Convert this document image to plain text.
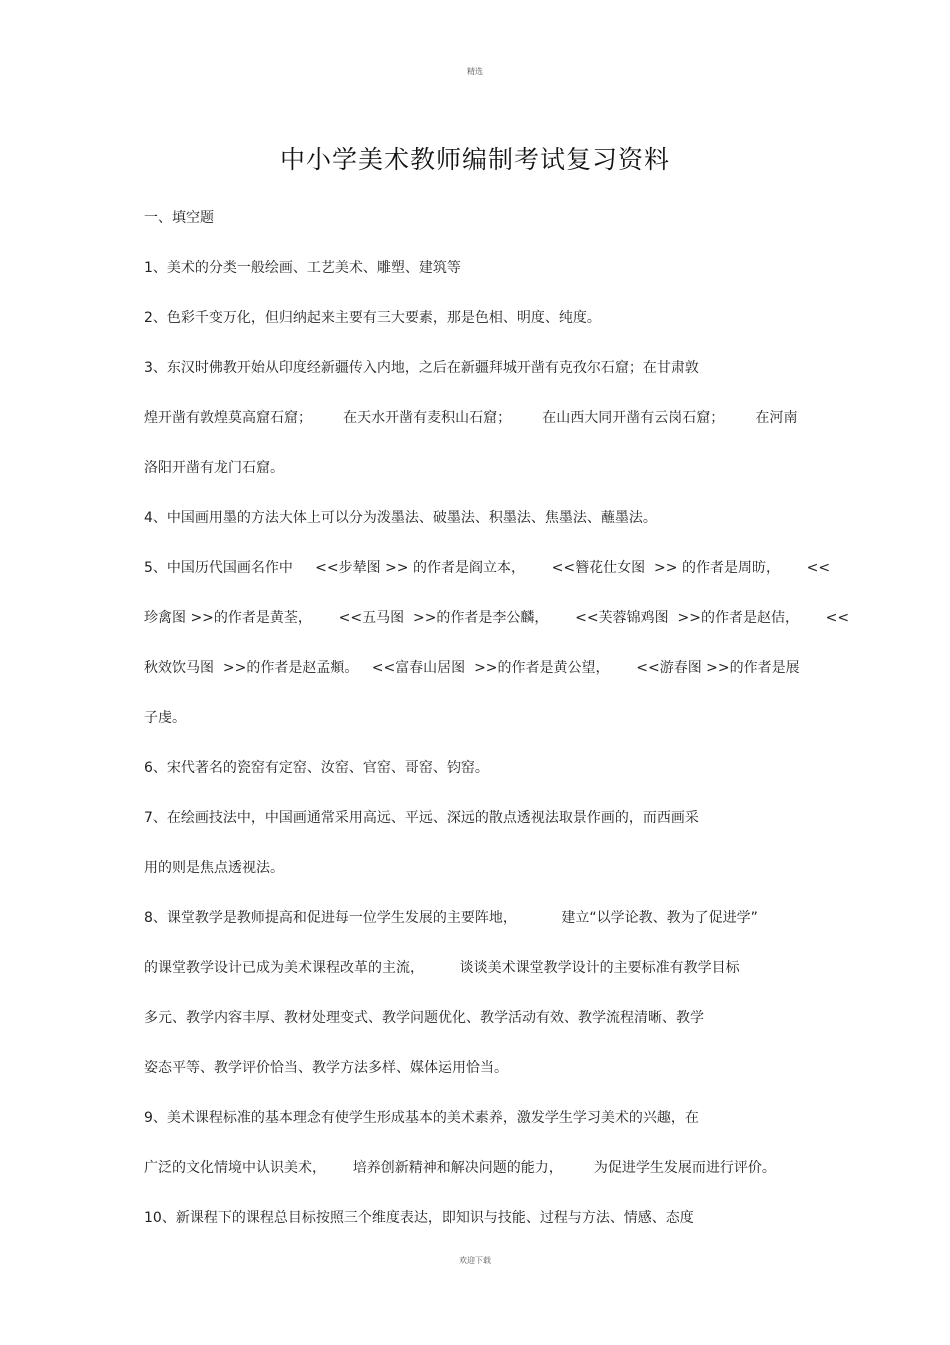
精选
中小学美术教师编制考试复习资料
一、填空题
1、美术的分类一般绘画、工艺美术、雕塑、建筑等
2、色彩千变万化，但归纳起来主要有三大要素，那是色相、明度、纯度。
3、东汉时佛教开始从印度经新疆传入内地，之后在新疆拜城开凿有克孜尔石窟；在甘肃敦
煌开凿有敦煌莫高窟石窟；       在天水开凿有麦积山石窟；       在山西大同开凿有云岗石窟；       在河南
洛阳开凿有龙门石窟。
4、中国画用墨的方法大体上可以分为泼墨法、破墨法、积墨法、焦墨法、蘸墨法。
5、中国历代国画名作中     <<步辇图 >> 的作者是阎立本，      <<簪花仕女图  >> 的作者是周昉，      <<
珍禽图 >>的作者是黄荃，      <<五马图  >>的作者是李公麟，      <<芙蓉锦鸡图  >>的作者是赵佶，      <<
秋效饮马图  >>的作者是赵孟頫。   <<富春山居图  >>的作者是黄公望，      <<游春图 >>的作者是展
子虔。
6、宋代著名的瓷窑有定窑、汝窑、官窑、哥窑、钧窑。
7、在绘画技法中，中国画通常采用高远、平远、深远的散点透视法取景作画的，而西画采
用的则是焦点透视法。
8、课堂教学是教师提高和促进每一位学生发展的主要阵地，          建立“以学论教、教为了促进学”
的课堂教学设计已成为美术课程改革的主流，        谈谈美术课堂教学设计的主要标准有教学目标
多元、教学内容丰厚、教材处理变式、教学问题优化、教学活动有效、教学流程清晰、教学
姿态平等、教学评价恰当、教学方法多样、媒体运用恰当。
9、美术课程标准的基本理念有使学生形成基本的美术素养，激发学生学习美术的兴趣，在
广泛的文化情境中认识美术，      培养创新精神和解决问题的能力，       为促进学生发展而进行评价。
10、新课程下的课程总目标按照三个维度表达，即知识与技能、过程与方法、情感、态度
欢迎下载
